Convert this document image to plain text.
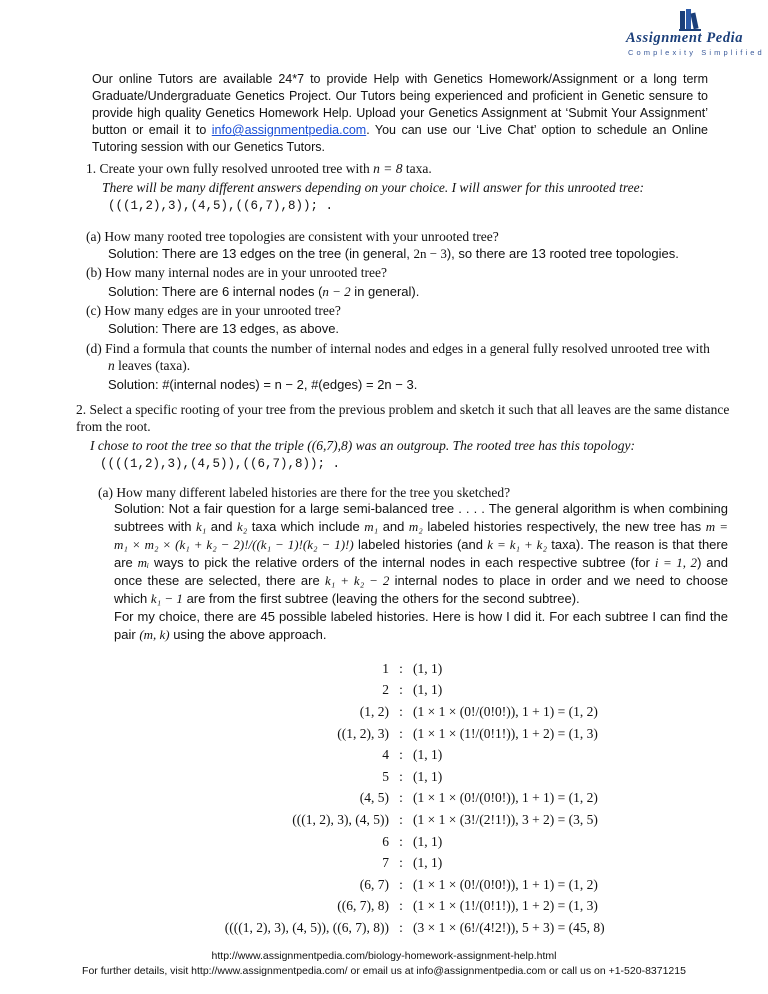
Assignment Pedia
Complexity Simplified
Our online Tutors are available 24*7 to provide Help with Genetics Homework/Assignment or a long term Graduate/Undergraduate Genetics Project. Our Tutors being experienced and proficient in Genetic sensure to provide high quality Genetics Homework Help. Upload your Genetics Assignment at ‘Submit Your Assignment’ button or email it to info@assignmentpedia.com. You can use our ‘Live Chat’ option to schedule an Online Tutoring session with our Genetics Tutors.
1. Create your own fully resolved unrooted tree with n = 8 taxa.
There will be many different answers depending on your choice. I will answer for this unrooted tree:
(((1,2),3),(4,5),((6,7),8)); .
(a) How many rooted tree topologies are consistent with your unrooted tree?
Solution: There are 13 edges on the tree (in general, 2n − 3), so there are 13 rooted tree topologies.
(b) How many internal nodes are in your unrooted tree?
Solution: There are 6 internal nodes (n − 2 in general).
(c) How many edges are in your unrooted tree?
Solution: There are 13 edges, as above.
(d) Find a formula that counts the number of internal nodes and edges in a general fully resolved unrooted tree with
n leaves (taxa).
Solution: #(internal nodes) = n − 2, #(edges) = 2n − 3.
2. Select a specific rooting of your tree from the previous problem and sketch it such that all leaves are the same distance from the root.
I chose to root the tree so that the triple ((6,7),8) was an outgroup. The rooted tree has this topology:
((((1,2),3),(4,5)),((6,7),8)); .
(a) How many different labeled histories are there for the tree you sketched?
Solution: Not a fair question for a large semi-balanced tree . . . . The general algorithm is when combining subtrees with k₁ and k₂ taxa which include m₁ and m₂ labeled histories respectively, the new tree has m = m₁ × m₂ × (k₁ + k₂ − 2)!/((k₁ − 1)!(k₂ − 1)!) labeled histories (and k = k₁ + k₂ taxa). The reason is that there are mᵢ ways to pick the relative orders of the internal nodes in each respective subtree (for i = 1, 2) and once these are selected, there are k₁ + k₂ − 2 internal nodes to place in order and we need to choose which k₁ − 1 are from the first subtree (leaving the others for the second subtree).
For my choice, there are 45 possible labeled histories. Here is how I did it. For each subtree I can find the pair (m, k) using the above approach.
1	:	(1, 1)
2	:	(1, 1)
(1, 2)	:	(1 × 1 × (0!/(0!0!)), 1 + 1) = (1, 2)
((1, 2), 3)	:	(1 × 1 × (1!/(0!1!)), 1 + 2) = (1, 3)
4	:	(1, 1)
5	:	(1, 1)
(4, 5)	:	(1 × 1 × (0!/(0!0!)), 1 + 1) = (1, 2)
(((1, 2), 3), (4, 5))	:	(1 × 1 × (3!/(2!1!)), 3 + 2) = (3, 5)
6	:	(1, 1)
7	:	(1, 1)
(6, 7)	:	(1 × 1 × (0!/(0!0!)), 1 + 1) = (1, 2)
((6, 7), 8)	:	(1 × 1 × (1!/(0!1!)), 1 + 2) = (1, 3)
((((1, 2), 3), (4, 5)), ((6, 7), 8))	:	(3 × 1 × (6!/(4!2!)), 5 + 3) = (45, 8)
http://www.assignmentpedia.com/biology-homework-assignment-help.html
For further details, visit http://www.assignmentpedia.com/ or email us at info@assignmentpedia.com or call us on +1-520-8371215
